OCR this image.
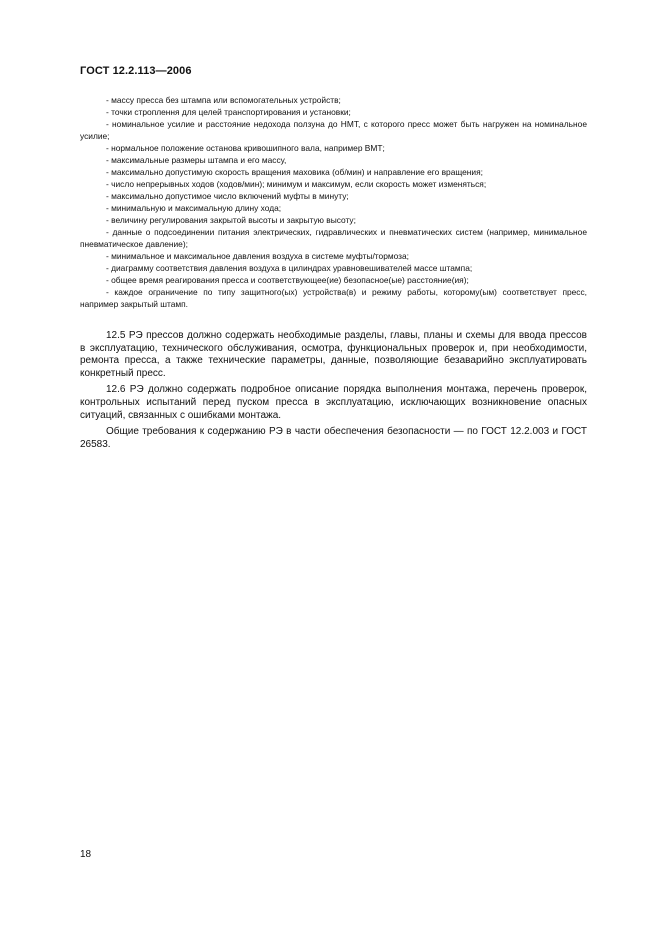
ГОСТ 12.2.113—2006

- массу пресса без штампа или вспомогательных устройств;

- точки строплення для целей транспортирования и установки;

- номинальное усилие и расстояние недохода ползуна до НМТ, с которого пресс может быть нагружен на номинальное усилие;

- нормальное положение останова кривошипного вала, например ВМТ;

- максимальные размеры штампа и его массу,

- максимально допустимую скорость вращения маховика (об/мин) и направление его вращения;

- число непрерывных ходов (ходов/мин); минимум и максимум, если скорость может изменяться;

- максимально допустимое число включений муфты в минуту;

- минимальную и максимальную длину хода;

- величину регулирования закрытой высоты и закрытую высоту;

- данные о подсоединении питания электрических, гидравлических и пневматических систем (например, минимальное пневматическое давление);

- минимальное и максимальное давления воздуха в системе муфты/тормоза;

- диаграмму соответствия давления воздуха в цилиндрах уравновешивателей массе штампа;

- общее время реагирования пресса и соответствующее(ие) безопасное(ые) расстояние(ия);

- каждое ограничение по типу защитного(ых) устройства(в) и режиму работы, которому(ым) соответствует пресс, например закрытый штамп.

12.5 РЭ прессов должно содержать необходимые разделы, главы, планы и схемы для ввода прессов в эксплуатацию, технического обслуживания, осмотра, функциональных проверок и, при необходимости, ремонта пресса, а также технические параметры, данные, позволяющие безаварийно эксплуатировать конкретный пресс.

12.6 РЭ должно содержать подробное описание порядка выполнения монтажа, перечень проверок, контрольных испытаний перед пуском пресса в эксплуатацию, исключающих возникновение опасных ситуаций, связанных с ошибками монтажа.

Общие требования к содержанию РЭ в части обеспечения безопасности — по ГОСТ 12.2.003 и ГОСТ 26583.

18
